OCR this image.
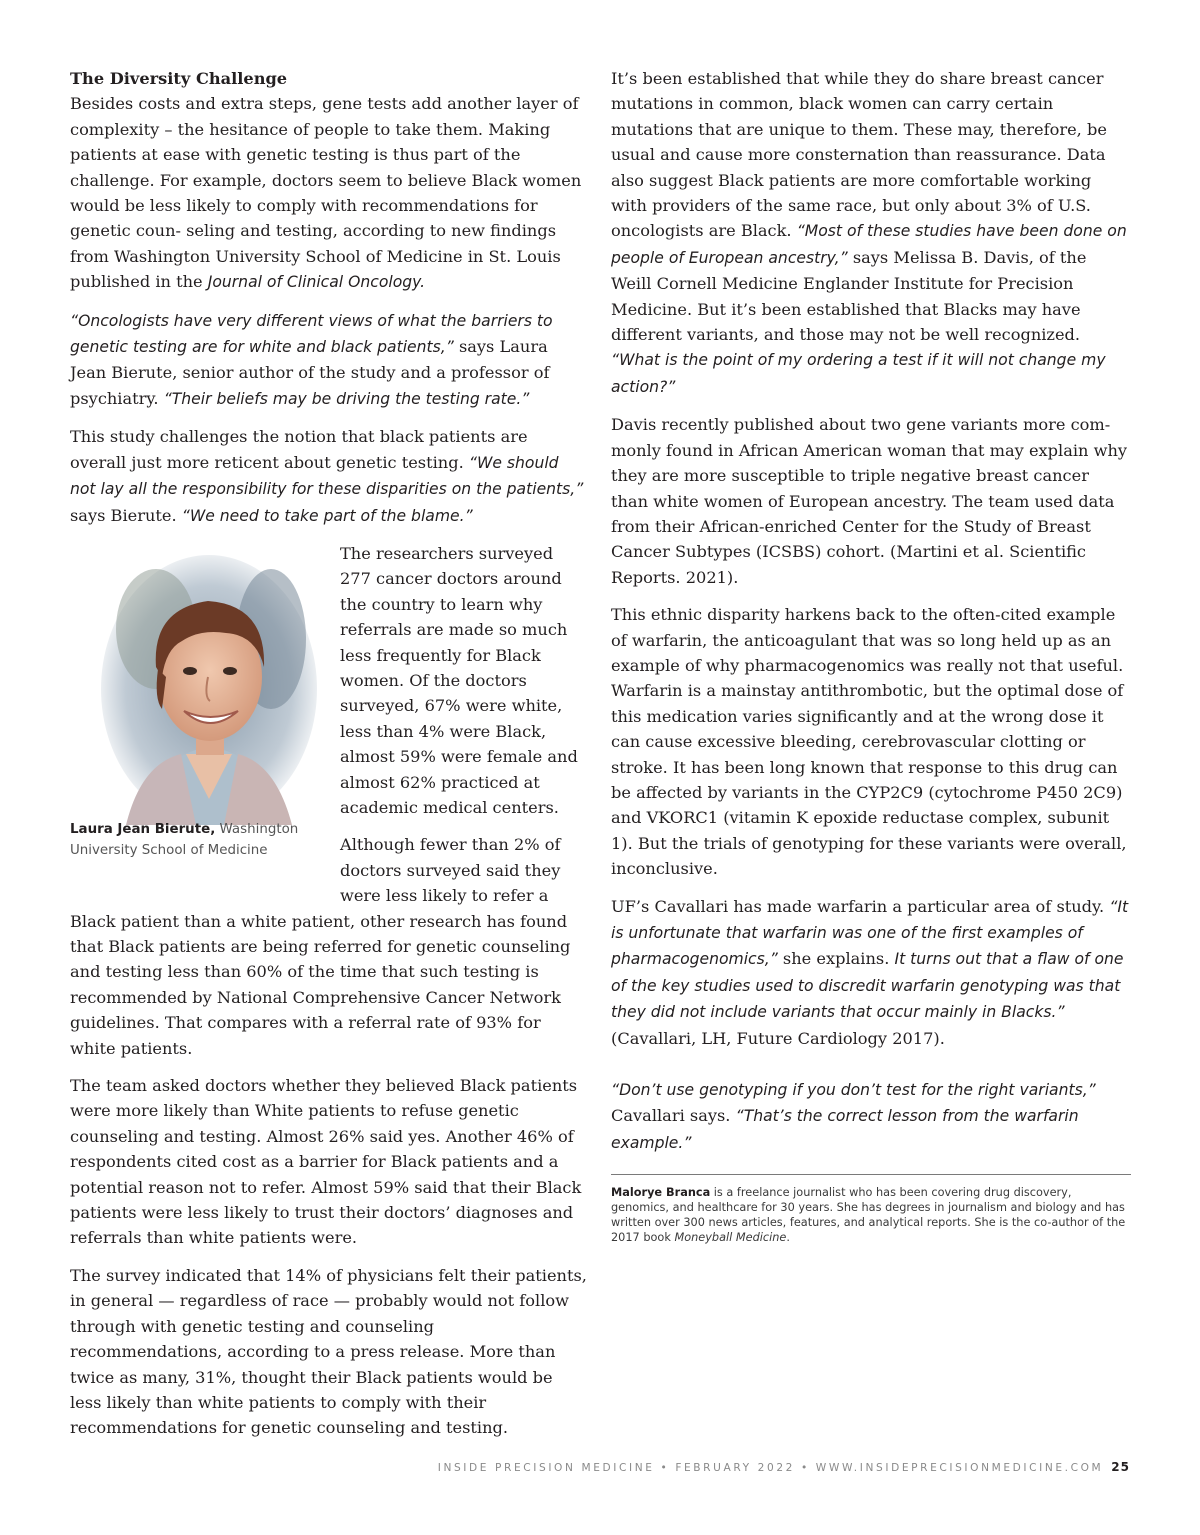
The Diversity Challenge

Besides costs and extra steps, gene tests add another layer of complexity – the hesitance of people to take them. Making patients at ease with genetic testing is thus part of the challenge. For example, doctors seem to believe Black women would be less likely to comply with recommendations for genetic coun- seling and testing, according to new findings from Washington University School of Medicine in St. Louis published in the Journal of Clinical Oncology.

“Oncologists have very different views of what the barriers to genetic testing are for white and black patients,” says Laura Jean Bierute, senior author of the study and a professor of psychiatry. “Their beliefs may be driving the testing rate.”

This study challenges the notion that black patients are overall just more reticent about genetic testing. “We should not lay all the responsibility for these disparities on the patients,” says Bierute. “We need to take part of the blame.”

Laura Jean Bierute, Washington University School of Medicine

The researchers surveyed 277 cancer doctors around the country to learn why referrals are made so much less frequently for Black women. Of the doctors surveyed, 67% were white, less than 4% were Black, almost 59% were female and almost 62% practiced at academic medical centers.

Although fewer than 2% of doctors surveyed said they were less likely to refer a Black patient than a white patient, other research has found that Black patients are being referred for genetic counseling and testing less than 60% of the time that such testing is recommended by National Comprehensive Cancer Network guidelines. That compares with a referral rate of 93% for white patients.

The team asked doctors whether they believed Black patients were more likely than White patients to refuse genetic counseling and testing. Almost 26% said yes. Another 46% of respondents cited cost as a barrier for Black patients and a potential reason not to refer. Almost 59% said that their Black patients were less likely to trust their doctors’ diagnoses and referrals than white patients were.

The survey indicated that 14% of physicians felt their patients, in general — regardless of race — probably would not follow through with genetic testing and counseling recommendations, according to a press release. More than twice as many, 31%, thought their Black patients would be less likely than white patients to comply with their recommendations for genetic counseling and testing.

It’s been established that while they do share breast cancer mutations in common, black women can carry certain mutations that are unique to them. These may, therefore, be usual and cause more consternation than reassurance. Data also suggest Black patients are more comfortable working with providers of the same race, but only about 3% of U.S. oncologists are Black. “Most of these studies have been done on people of European ancestry,” says Melissa B. Davis, of the Weill Cornell Medicine Englander Institute for Precision Medicine. But it’s been established that Blacks may have different variants, and those may not be well recognized. “What is the point of my ordering a test if it will not change my action?”

Davis recently published about two gene variants more com- monly found in African American woman that may explain why they are more susceptible to triple negative breast cancer than white women of European ancestry. The team used data from their African-enriched Center for the Study of Breast Cancer Subtypes (ICSBS) cohort. (Martini et al. Scientific Reports. 2021).

This ethnic disparity harkens back to the often-cited example of warfarin, the anticoagulant that was so long held up as an example of why pharmacogenomics was really not that useful. Warfarin is a mainstay antithrombotic, but the optimal dose of this medication varies significantly and at the wrong dose it can cause excessive bleeding, cerebrovascular clotting or stroke. It has been long known that response to this drug can be affected by variants in the CYP2C9 (cytochrome P450 2C9) and VKORC1 (vitamin K epoxide reductase complex, subunit 1). But the trials of genotyping for these variants were overall, inconclusive.

UF’s Cavallari has made warfarin a particular area of study. “It is unfortunate that warfarin was one of the first examples of pharmacogenomics,” she explains. It turns out that a flaw of one of the key studies used to discredit warfarin genotyping was that they did not include variants that occur mainly in Blacks.” (Cavallari, LH, Future Cardiology 2017).

“Don’t use genotyping if you don’t test for the right variants,” Cavallari says. “That’s the correct lesson from the warfarin example.”

Malorye Branca is a freelance journalist who has been covering drug discovery, genomics, and healthcare for 30 years. She has degrees in journalism and biology and has written over 300 news articles, features, and analytical reports. She is the co-author of the 2017 book Moneyball Medicine.
INSIDE PRECISION MEDICINE • FEBRUARY 2022 • WWW.INSIDEPRECISIONMEDICINE.COM 25
